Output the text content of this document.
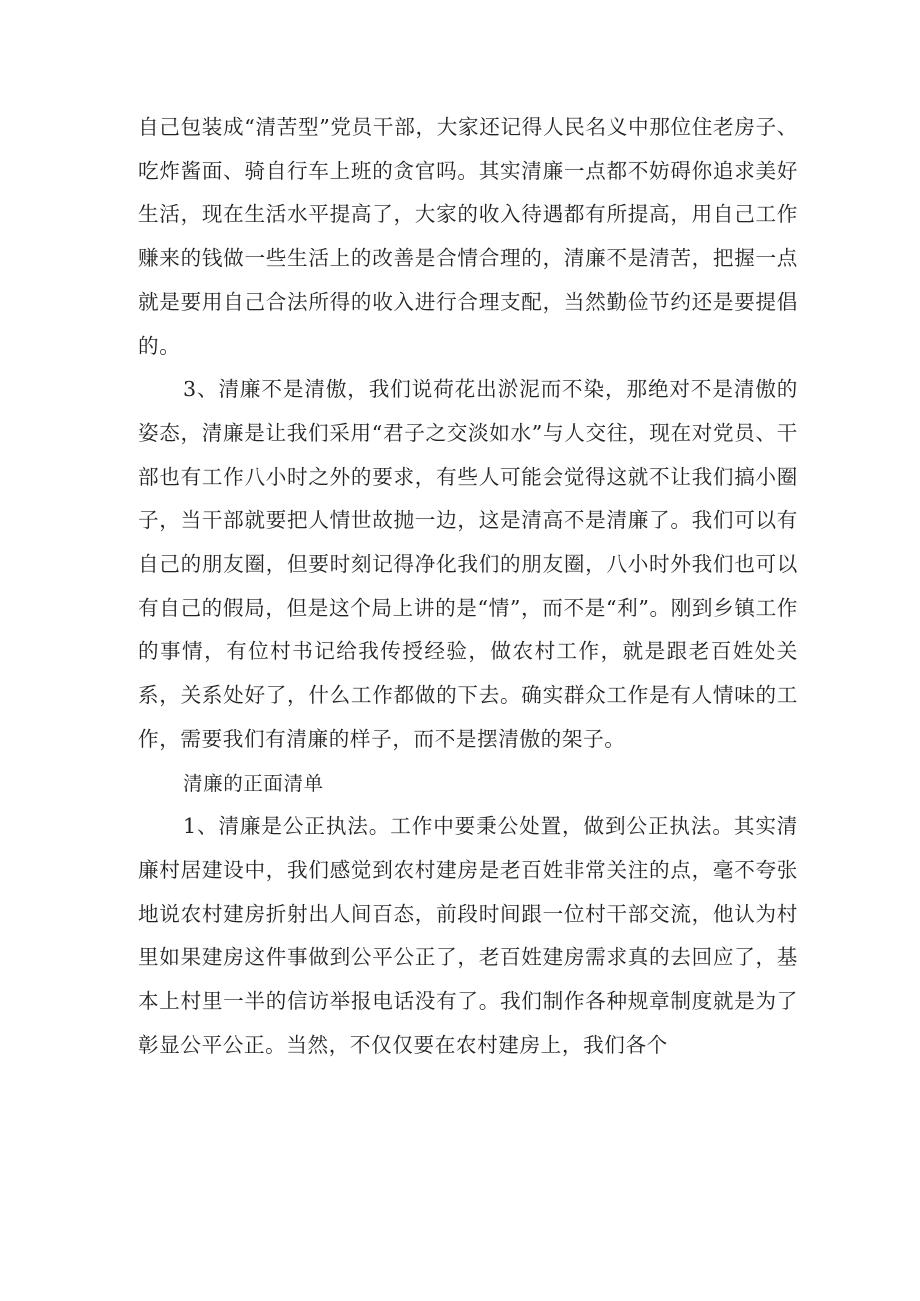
自己包装成“清苦型”党员干部，大家还记得人民名义中那位住老房子、吃炸酱面、骑自行车上班的贪官吗。其实清廉一点都不妨碍你追求美好生活，现在生活水平提高了，大家的收入待遇都有所提高，用自己工作赚来的钱做一些生活上的改善是合情合理的，清廉不是清苦，把握一点就是要用自己合法所得的收入进行合理支配，当然勤俭节约还是要提倡的。

3、清廉不是清傲，我们说荷花出淤泥而不染，那绝对不是清傲的姿态，清廉是让我们采用“君子之交淡如水”与人交往，现在对党员、干部也有工作八小时之外的要求，有些人可能会觉得这就不让我们搞小圈子，当干部就要把人情世故抛一边，这是清高不是清廉了。我们可以有自己的朋友圈，但要时刻记得净化我们的朋友圈，八小时外我们也可以有自己的假局，但是这个局上讲的是“情”，而不是“利”。刚到乡镇工作的事情，有位村书记给我传授经验，做农村工作，就是跟老百姓处关系，关系处好了，什么工作都做的下去。确实群众工作是有人情味的工作，需要我们有清廉的样子，而不是摆清傲的架子。

清廉的正面清单

1、清廉是公正执法。工作中要秉公处置，做到公正执法。其实清廉村居建设中，我们感觉到农村建房是老百姓非常关注的点，毫不夸张地说农村建房折射出人间百态，前段时间跟一位村干部交流，他认为村里如果建房这件事做到公平公正了，老百姓建房需求真的去回应了，基本上村里一半的信访举报电话没有了。我们制作各种规章制度就是为了彰显公平公正。当然，不仅仅要在农村建房上，我们各个
